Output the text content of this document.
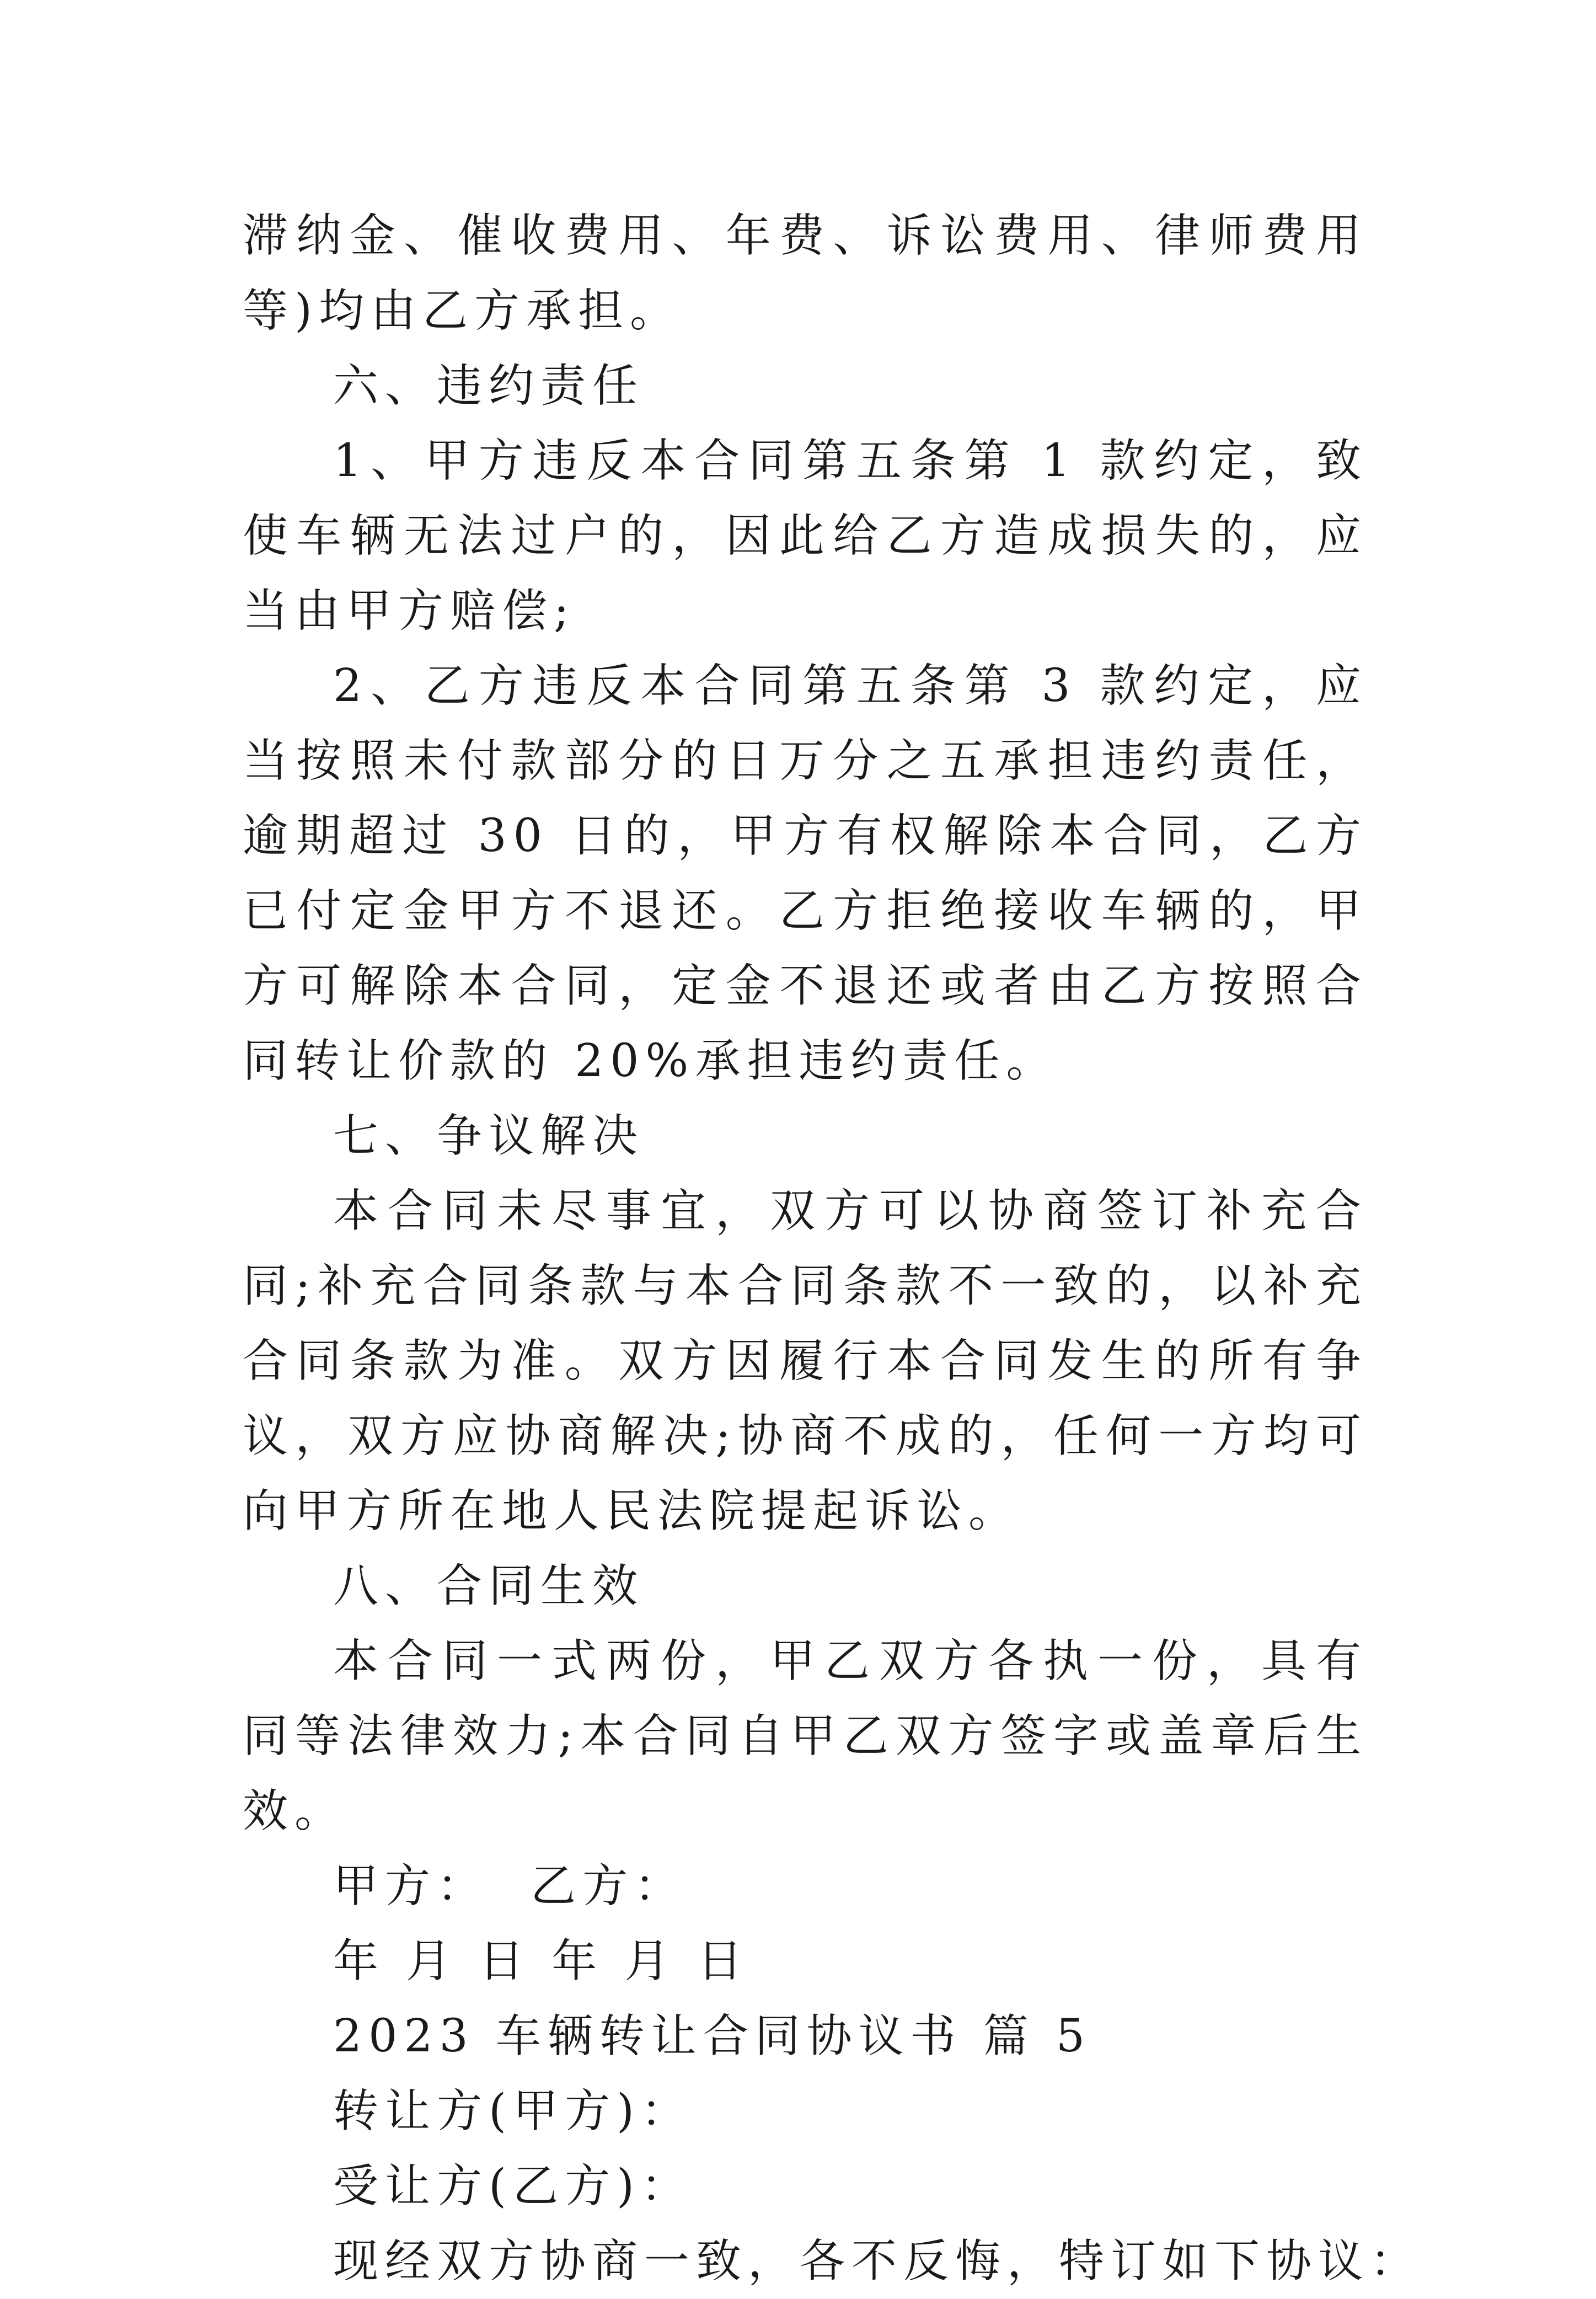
滞纳金、催收费用、年费、诉讼费用、律师费用等)均由乙方承担。

六、违约责任

1、甲方违反本合同第五条第 1 款约定，致使车辆无法过户的，因此给乙方造成损失的，应当由甲方赔偿;

2、乙方违反本合同第五条第 3 款约定，应当按照未付款部分的日万分之五承担违约责任，逾期超过 30 日的，甲方有权解除本合同，乙方已付定金甲方不退还。乙方拒绝接收车辆的，甲方可解除本合同，定金不退还或者由乙方按照合同转让价款的 20%承担违约责任。

七、争议解决

本合同未尽事宜，双方可以协商签订补充合同;补充合同条款与本合同条款不一致的，以补充合同条款为准。双方因履行本合同发生的所有争议，双方应协商解决;协商不成的，任何一方均可向甲方所在地人民法院提起诉讼。

八、合同生效

本合同一式两份，甲乙双方各执一份，具有同等法律效力;本合同自甲乙双方签字或盖章后生效。

甲方：  乙方：

年 月 日 年 月 日

2023 车辆转让合同协议书 篇 5

转让方(甲方)：

受让方(乙方)：

现经双方协商一致，各不反悔，特订如下协议：
